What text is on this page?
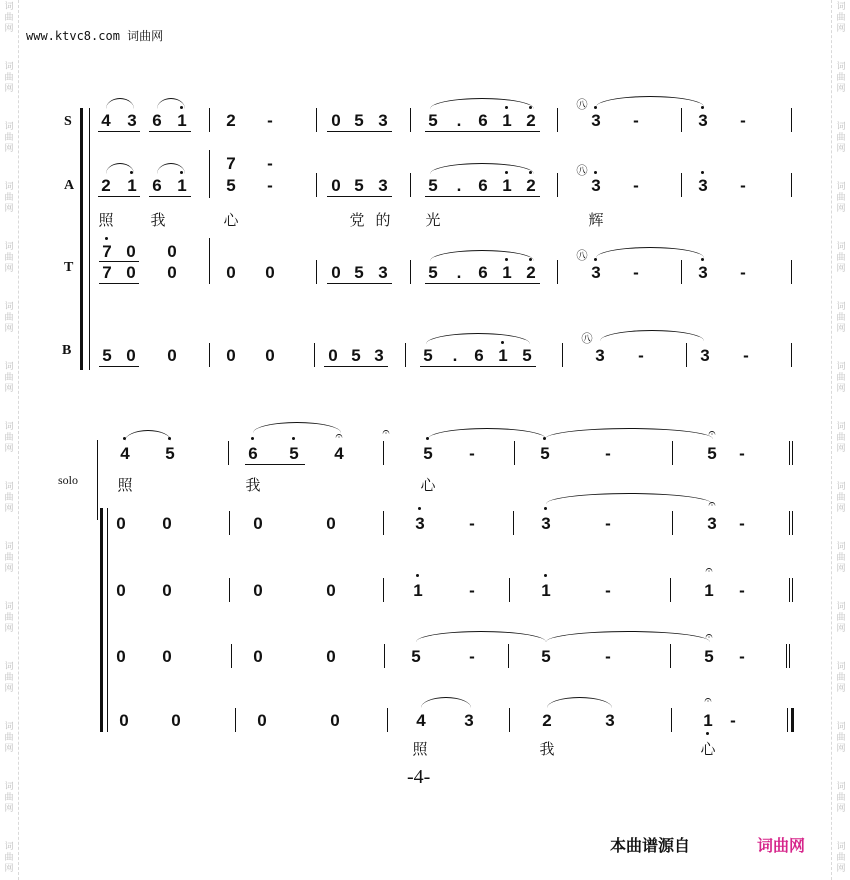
词
曲
网
词
曲
网
词
曲
网
词
曲
网
词
曲
网
词
曲
网
词
曲
网
词
曲
网
词
曲
网
词
曲
网
词
曲
网
词
曲
网
词
曲
网
词
曲
网
词
曲
网
词
曲
网
词
曲
网
词
曲
网
词
曲
网
词
曲
网
词
曲
网
词
曲
网
词
曲
网
词
曲
网
词
曲
网
词
曲
网
词
曲
网
词
曲
网
词
曲
网
词
曲
网
www.ktvc8.com 词曲网
S
A
T
B
4 3 6 1 2 -	0 5 3 5 . 6 1 2
㊇
3 -	3 -
2 1 6 1
7 -
5 -	0 5 3 5 . 6 1 2
㊇
3 -	3 -
照 我	心	党 的 光	辉
7 0 0
7 0 0	0 0	0 5 3 5 . 6 1 2
㊇
3 -	3 -
5 0 0	0 0	0 5 3 5 . 6 1 5
㊇
3 -	3 -
solo
4 5	6 5 4
𝄐	𝄐
5 -	5	-
𝄐
5 -
照	我	心
0 0	0	0	3	-	3	-
𝄐
3 -
0 0	0	0	1	-	1	-
𝄐
1 -
0 0	0	0	5	-	5	-
𝄐
5 -
0	0	0	0	4 3	2	3
𝄐
1 -
照	我	心
-4-
本曲谱源自	词曲网
